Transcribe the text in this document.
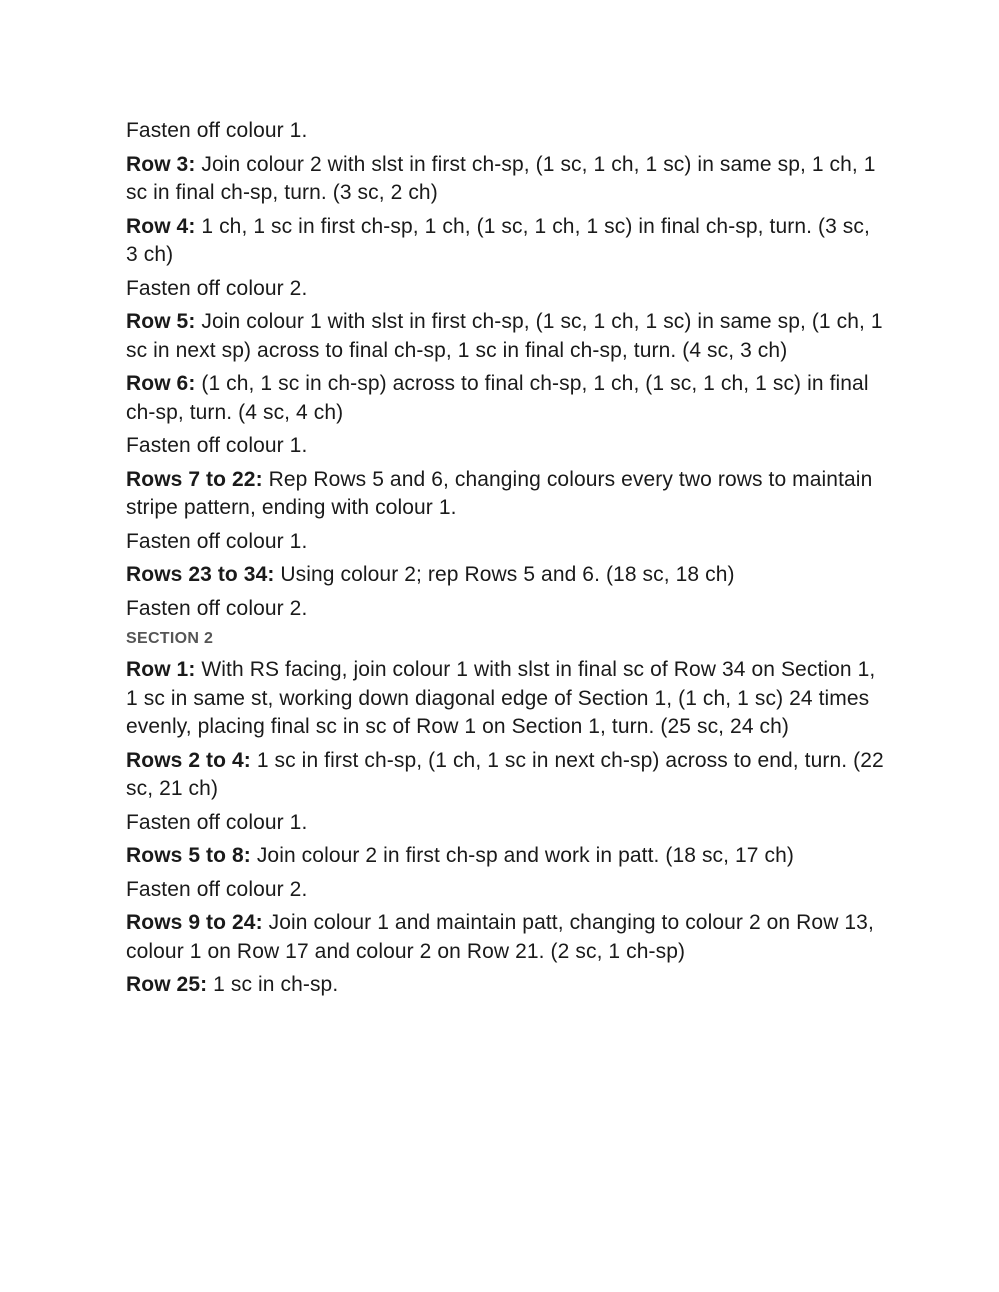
Fasten off colour 1.

Row 3: Join colour 2 with slst in first ch-sp, (1 sc, 1 ch, 1 sc) in same sp, 1 ch, 1 sc in final ch-sp, turn. (3 sc, 2 ch)

Row 4: 1 ch, 1 sc in first ch-sp, 1 ch, (1 sc, 1 ch, 1 sc) in final ch-sp, turn. (3 sc, 3 ch)

Fasten off colour 2.

Row 5: Join colour 1 with slst in first ch-sp, (1 sc, 1 ch, 1 sc) in same sp, (1 ch, 1 sc in next sp) across to final ch-sp, 1 sc in final ch-sp, turn. (4 sc, 3 ch)

Row 6: (1 ch, 1 sc in ch-sp) across to final ch-sp, 1 ch, (1 sc, 1 ch, 1 sc) in final ch-sp, turn. (4 sc, 4 ch)

Fasten off colour 1.

Rows 7 to 22: Rep Rows 5 and 6, changing colours every two rows to maintain stripe pattern, ending with colour 1.

Fasten off colour 1.

Rows 23 to 34: Using colour 2; rep Rows 5 and 6. (18 sc, 18 ch)

Fasten off colour 2.

SECTION 2

Row 1: With RS facing, join colour 1 with slst in final sc of Row 34 on Section 1, 1 sc in same st, working down diagonal edge of Section 1, (1 ch, 1 sc) 24 times evenly, placing final sc in sc of Row 1 on Section 1, turn. (25 sc, 24 ch)

Rows 2 to 4: 1 sc in first ch-sp, (1 ch, 1 sc in next ch-sp) across to end, turn. (22 sc, 21 ch)

Fasten off colour 1.

Rows 5 to 8: Join colour 2 in first ch-sp and work in patt. (18 sc, 17 ch)

Fasten off colour 2.

Rows 9 to 24: Join colour 1 and maintain patt, changing to colour 2 on Row 13, colour 1 on Row 17 and colour 2 on Row 21. (2 sc, 1 ch-sp)

Row 25: 1 sc in ch-sp.
